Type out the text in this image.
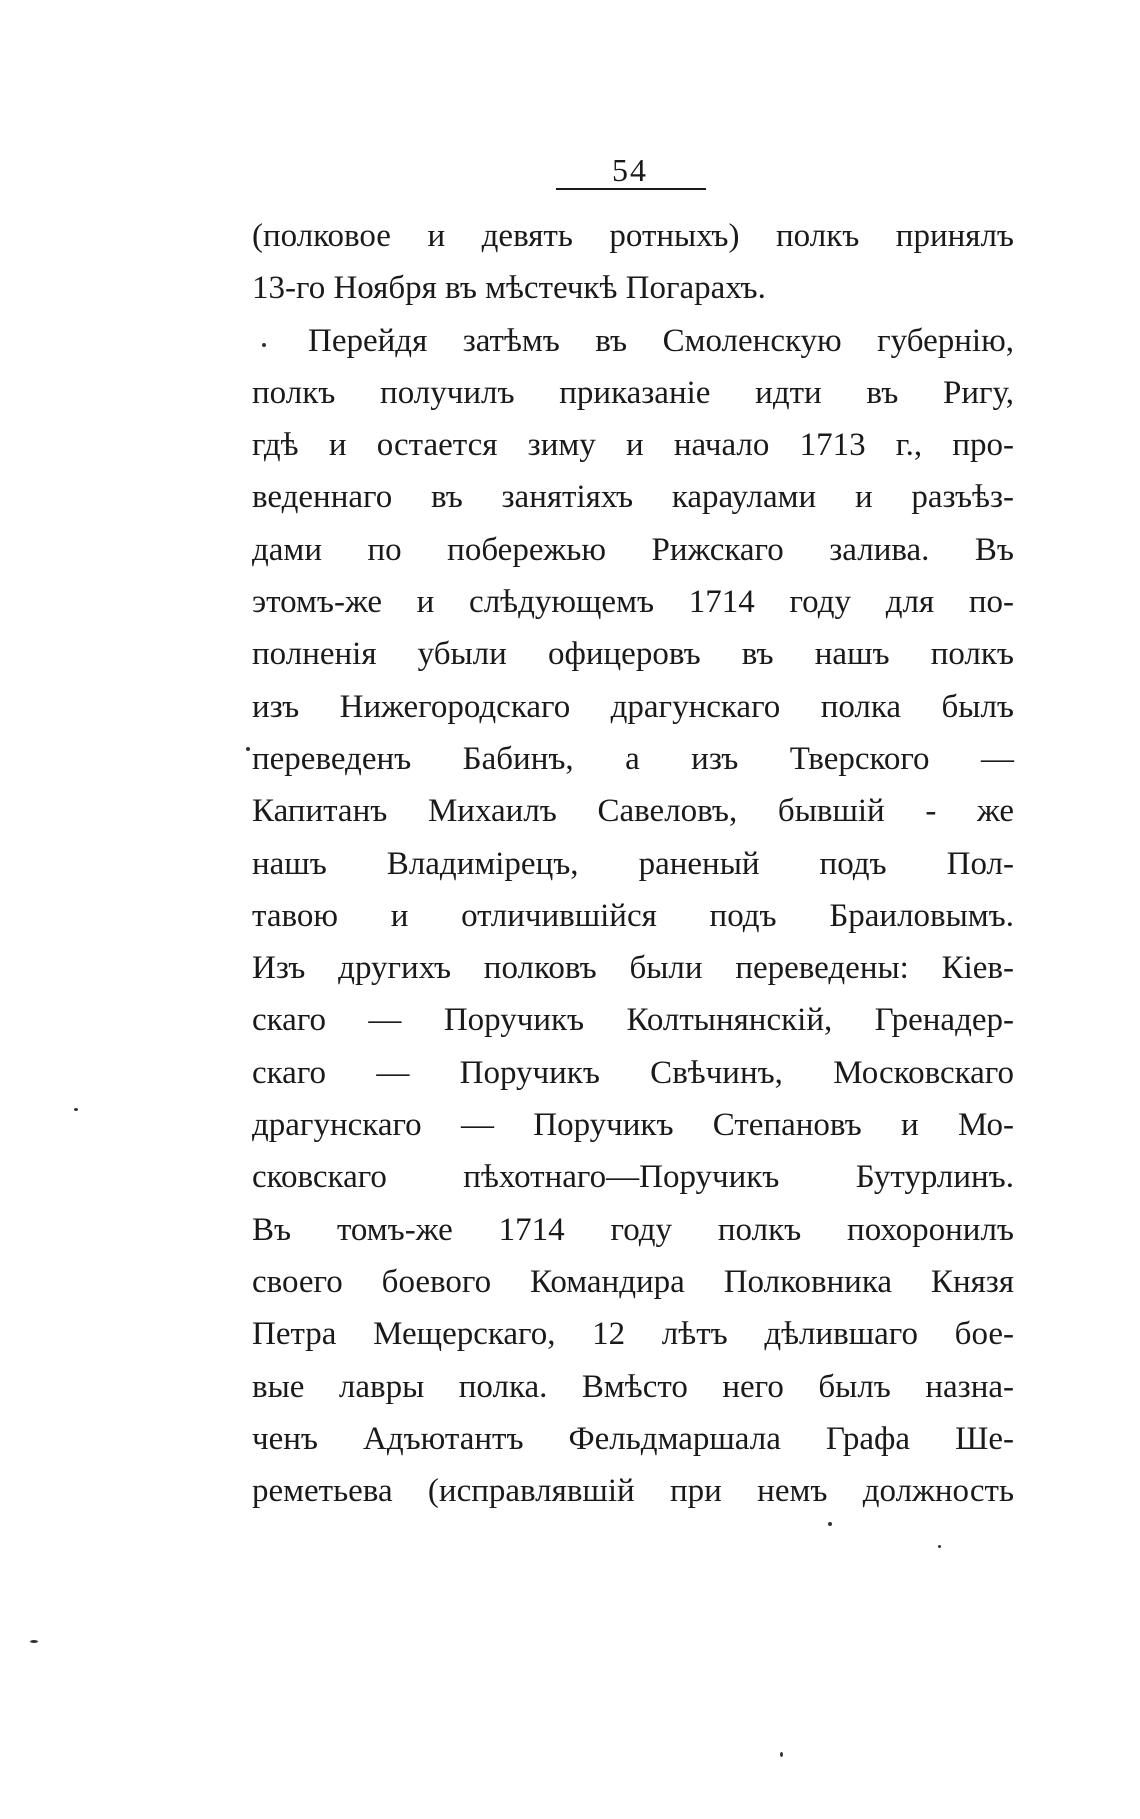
54
(полковое и девять ротныхъ) полкъ принялъ
13-го Ноября въ мѣстечкѣ Погарахъ.
Перейдя затѣмъ въ Смоленскую губернію,
полкъ получилъ приказаніе идти въ Ригу,
гдѣ и остается зиму и начало 1713 г., про-
веденнаго въ занятіяхъ караулами и разъѣз-
дами по побережью Рижскаго залива. Въ
этомъ-же и слѣдующемъ 1714 году для по-
полненія убыли офицеровъ въ нашъ полкъ
изъ Нижегородскаго драгунскаго полка былъ
переведенъ Бабинъ, а изъ Тверского —
Капитанъ Михаилъ Савеловъ, бывшій - же
нашъ Владимірецъ, раненый подъ Пол-
тавою и отличившійся подъ Браиловымъ.
Изъ другихъ полковъ были переведены: Кіев-
скаго — Поручикъ Колтынянскій, Гренадер-
скаго — Поручикъ Свѣчинъ, Московскаго
драгунскаго — Поручикъ Степановъ и Мо-
сковскаго пѣхотнаго—Поручикъ Бутурлинъ.
Въ томъ-же 1714 году полкъ похоронилъ
своего боевого Командира Полковника Князя
Петра Мещерскаго, 12 лѣтъ дѣлившаго бое-
вые лавры полка. Вмѣсто него былъ назна-
ченъ Адъютантъ Фельдмаршала Графа Ше-
реметьева (исправлявшій при немъ должность
